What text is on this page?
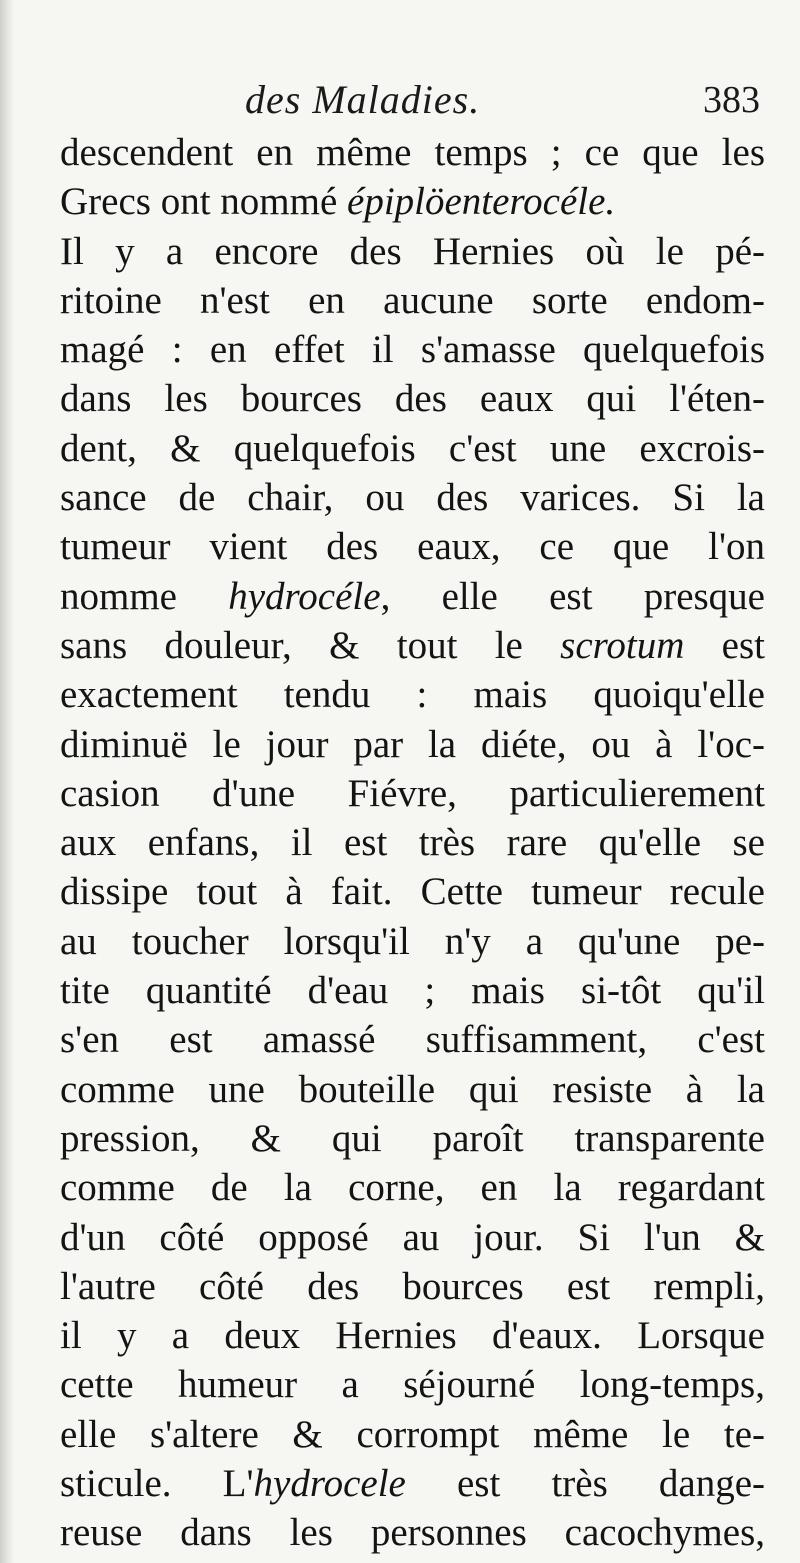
des Maladies.	383
descendent en même temps ; ce que les
Grecs ont nommé épiplöenterocéle.
Il y a encore des Hernies où le pé-
ritoine n'est en aucune sorte endom-
magé : en effet il s'amasse quelquefois
dans les bources des eaux qui l'éten-
dent, & quelquefois c'est une excrois-
sance de chair, ou des varices. Si la
tumeur vient des eaux, ce que l'on
nomme hydrocéle, elle est presque
sans douleur, & tout le scrotum est
exactement tendu : mais quoiqu'elle
diminuë le jour par la diéte, ou à l'oc-
casion d'une Fiévre, particulierement
aux enfans, il est très rare qu'elle se
dissipe tout à fait. Cette tumeur recule
au toucher lorsqu'il n'y a qu'une pe-
tite quantité d'eau ; mais si-tôt qu'il
s'en est amassé suffisamment, c'est
comme une bouteille qui resiste à la
pression, & qui paroît transparente
comme de la corne, en la regardant
d'un côté opposé au jour. Si l'un &
l'autre côté des bources est rempli,
il y a deux Hernies d'eaux. Lorsque
cette humeur a séjourné long-temps,
elle s'altere & corrompt même le te-
sticule. L'hydrocele est très dange-
reuse dans les personnes cacochymes,
